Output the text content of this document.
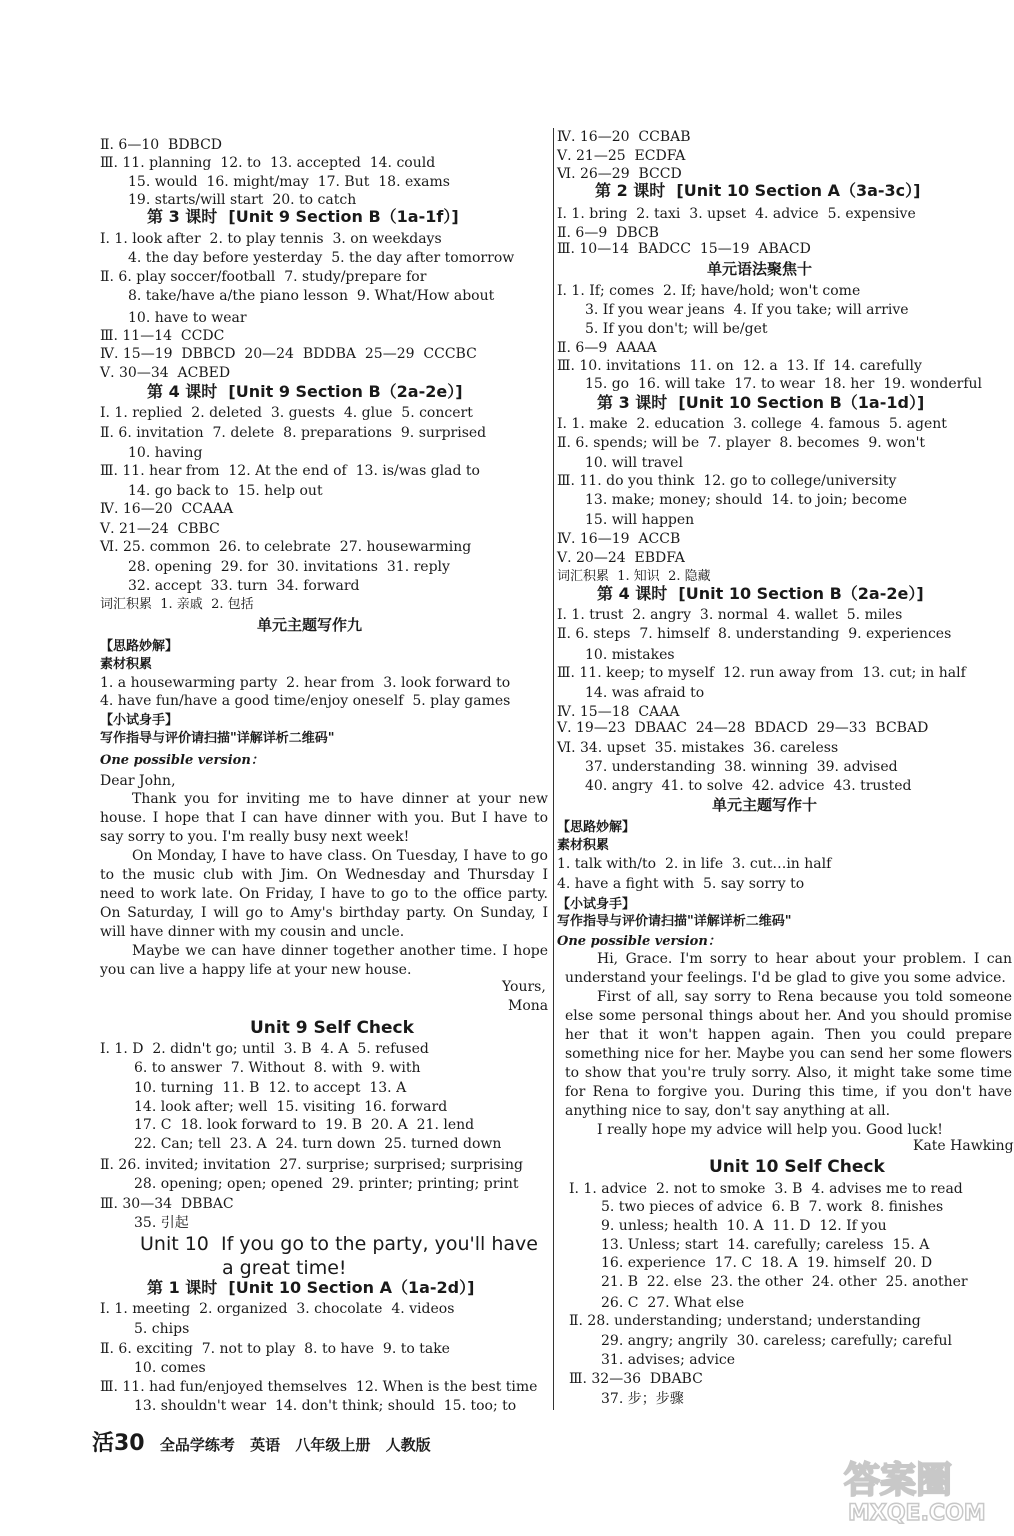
Ⅱ. 6—10  BDBCD
Ⅲ. 11. planning  12. to  13. accepted  14. could
15. would  16. might/may  17. But  18. exams
19. starts/will start  20. to catch
第 3 课时  [Unit 9 Section B（1a-1f）]
Ⅰ. 1. look after  2. to play tennis  3. on weekdays
4. the day before yesterday  5. the day after tomorrow
Ⅱ. 6. play soccer/football  7. study/prepare for
8. take/have a/the piano lesson  9. What/How about
10. have to wear
Ⅲ. 11—14  CCDC
Ⅳ. 15—19  DBBCD  20—24  BDDBA  25—29  CCCBC
Ⅴ. 30—34  ACBED
第 4 课时  [Unit 9 Section B（2a-2e）]
Ⅰ. 1. replied  2. deleted  3. guests  4. glue  5. concert
Ⅱ. 6. invitation  7. delete  8. preparations  9. surprised
10. having
Ⅲ. 11. hear from  12. At the end of  13. is/was glad to
14. go back to  15. help out
Ⅳ. 16—20  CCAAA
Ⅴ. 21—24  CBBC
Ⅵ. 25. common  26. to celebrate  27. housewarming
28. opening  29. for  30. invitations  31. reply
32. accept  33. turn  34. forward
词汇积累  1. 亲戚  2. 包括
单元主题写作九
【思路妙解】
素材积累
1. a housewarming party  2. hear from  3. look forward to
4. have fun/have a good time/enjoy oneself  5. play games
【小试身手】
写作指导与评价请扫描"详解详析二维码"
One possible version：
Dear John,
Yours,
Mona
Unit 9 Self Check
Ⅰ. 1. D  2. didn't go; until  3. B  4. A  5. refused
6. to answer  7. Without  8. with  9. with
10. turning  11. B  12. to accept  13. A
14. look after; well  15. visiting  16. forward
17. C  18. look forward to  19. B  20. A  21. lend
22. Can; tell  23. A  24. turn down  25. turned down
Ⅱ. 26. invited; invitation  27. surprise; surprised; surprising
28. opening; open; opened  29. printer; printing; print
Ⅲ. 30—34  DBBAC
35. 引起
Unit 10  If you go to the party, you'll have
a great time!
第 1 课时  [Unit 10 Section A（1a-2d）]
Ⅰ. 1. meeting  2. organized  3. chocolate  4. videos
5. chips
Ⅱ. 6. exciting  7. not to play  8. to have  9. to take
10. comes
Ⅲ. 11. had fun/enjoyed themselves  12. When is the best time
13. shouldn't wear  14. don't think; should  15. too; to
Ⅳ. 16—20  CCBAB
Ⅴ. 21—25  ECDFA
Ⅵ. 26—29  BCCD
第 2 课时  [Unit 10 Section A（3a-3c）]
Ⅰ. 1. bring  2. taxi  3. upset  4. advice  5. expensive
Ⅱ. 6—9  DBCB
Ⅲ. 10—14  BADCC  15—19  ABACD
单元语法聚焦十
Ⅰ. 1. If; comes  2. If; have/hold; won't come
3. If you wear jeans  4. If you take; will arrive
5. If you don't; will be/get
Ⅱ. 6—9  AAAA
Ⅲ. 10. invitations  11. on  12. a  13. If  14. carefully
15. go  16. will take  17. to wear  18. her  19. wonderful
第 3 课时  [Unit 10 Section B（1a-1d）]
Ⅰ. 1. make  2. education  3. college  4. famous  5. agent
Ⅱ. 6. spends; will be  7. player  8. becomes  9. won't
10. will travel
Ⅲ. 11. do you think  12. go to college/university
13. make; money; should  14. to join; become
15. will happen
Ⅳ. 16—19  ACCB
Ⅴ. 20—24  EBDFA
词汇积累  1. 知识  2. 隐藏
第 4 课时  [Unit 10 Section B（2a-2e）]
Ⅰ. 1. trust  2. angry  3. normal  4. wallet  5. miles
Ⅱ. 6. steps  7. himself  8. understanding  9. experiences
10. mistakes
Ⅲ. 11. keep; to myself  12. run away from  13. cut; in half
14. was afraid to
Ⅳ. 15—18  CAAA
Ⅴ. 19—23  DBAAC  24—28  BDACD  29—33  BCBAD
Ⅵ. 34. upset  35. mistakes  36. careless
37. understanding  38. winning  39. advised
40. angry  41. to solve  42. advice  43. trusted
单元主题写作十
【思路妙解】
素材积累
1. talk with/to  2. in life  3. cut…in half
4. have a fight with  5. say sorry to
【小试身手】
写作指导与评价请扫描"详解详析二维码"
One possible version：
Kate Hawking
Unit 10 Self Check
Ⅰ. 1. advice  2. not to smoke  3. B  4. advises me to read
5. two pieces of advice  6. B  7. work  8. finishes
9. unless; health  10. A  11. D  12. If you
13. Unless; start  14. carefully; careless  15. A
16. experience  17. C  18. A  19. himself  20. D
21. B  22. else  23. the other  24. other  25. another
26. C  27. What else
Ⅱ. 28. understanding; understand; understanding
29. angry; angrily  30. careless; carefully; careful
31. advises; advice
Ⅲ. 32—36  DBABC
37. 步；步骤
Thank you for inviting me to have dinner at your new house. I hope that I can have dinner with you. But I have to say sorry to you. I'm really busy next week!
On Monday, I have to have class. On Tuesday, I have to go to the music club with Jim. On Wednesday and Thursday I need to work late. On Friday, I have to go to the office party. On Saturday, I will go to Amy's birthday party. On Sunday, I will have dinner with my cousin and uncle.
Maybe we can have dinner together another time. I hope you can live a happy life at your new house.
Hi, Grace. I'm sorry to hear about your problem. I can understand your feelings. I'd be glad to give you some advice.
First of all, say sorry to Rena because you told someone else some personal things about her. And you should promise her that it won't happen again. Then you could prepare something nice for her. Maybe you can send her some flowers to show that you're truly sorry. Also, it might take some time for Rena to forgive you. During this time, if you don't have anything nice to say, don't say anything at all.
I really hope my advice will help you. Good luck!
活30 全品学练考 英语 八年级上册 人教版
答案圈
MXQE.COM
